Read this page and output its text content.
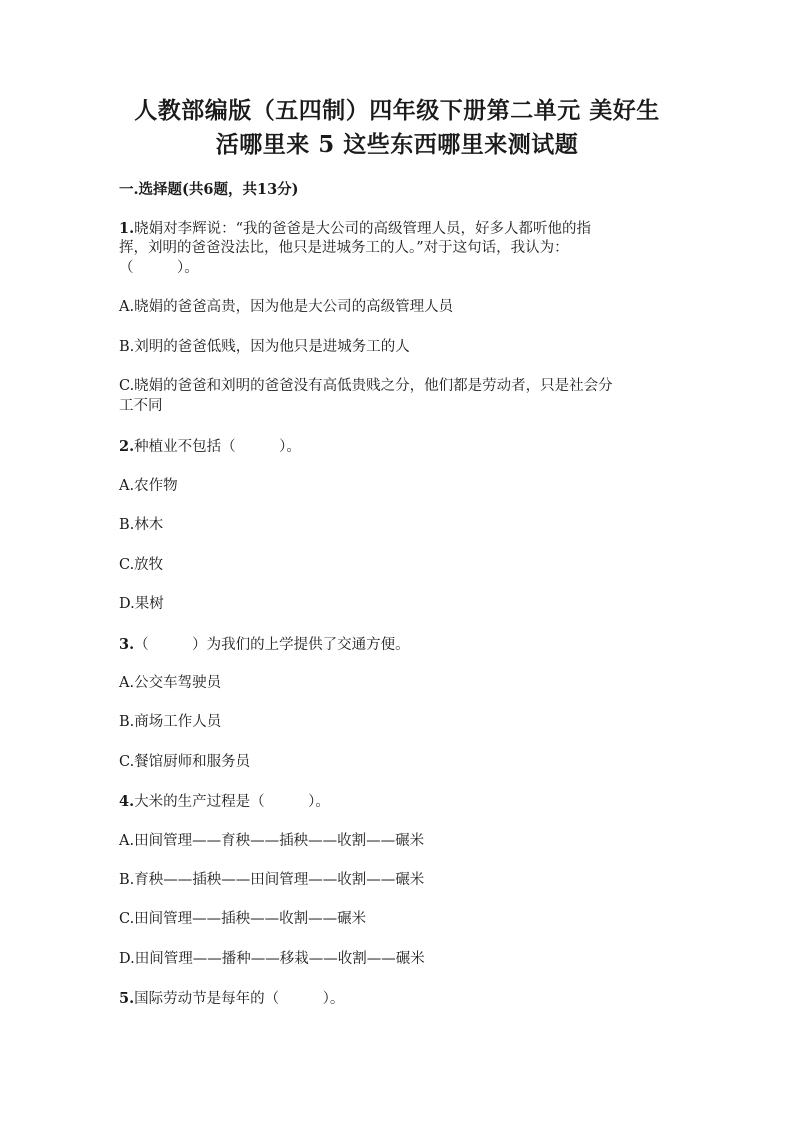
人教部编版（五四制）四年级下册第二单元 美好生
活哪里来 5 这些东西哪里来测试题
一.选择题(共6题，共13分)
1.晓娟对李辉说：“我的爸爸是大公司的高级管理人员，好多人都听他的指
挥，刘明的爸爸没法比，他只是进城务工的人。”对于这句话，我认为：
（　　　）。
A.晓娟的爸爸高贵，因为他是大公司的高级管理人员
B.刘明的爸爸低贱，因为他只是进城务工的人
C.晓娟的爸爸和刘明的爸爸没有高低贵贱之分，他们都是劳动者，只是社会分
工不同
2.种植业不包括（　　　）。
A.农作物
B.林木
C.放牧
D.果树
3.（　　　）为我们的上学提供了交通方便。
A.公交车驾驶员
B.商场工作人员
C.餐馆厨师和服务员
4.大米的生产过程是（　　　）。
A.田间管理——育秧——插秧——收割——碾米
B.育秧——插秧——田间管理——收割——碾米
C.田间管理——插秧——收割——碾米
D.田间管理——播种——移栽——收割——碾米
5.国际劳动节是每年的（　　　）。
